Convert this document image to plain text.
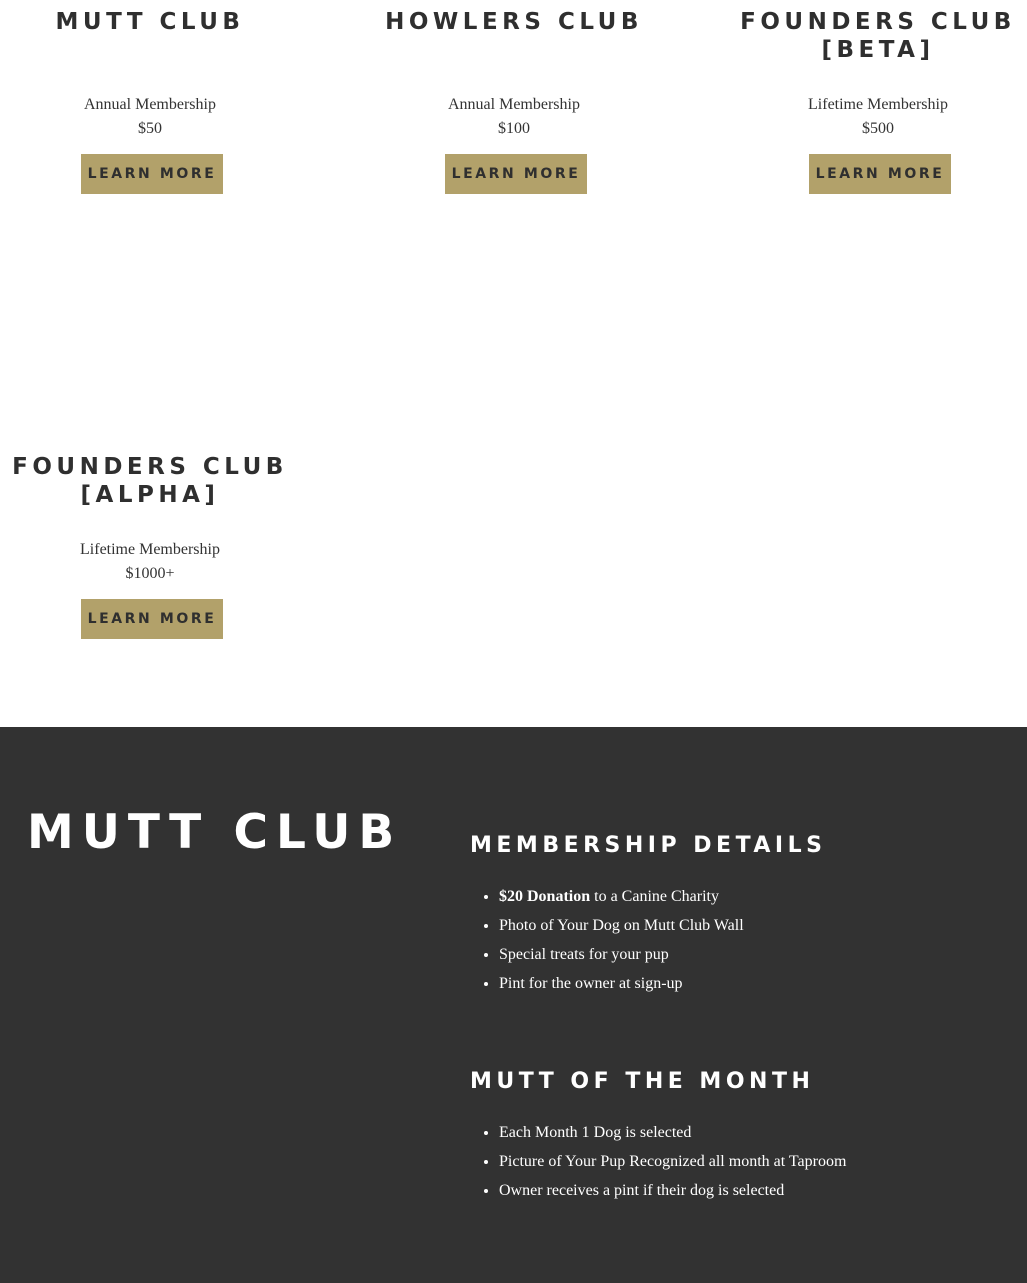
MUTT CLUB
Annual Membership
$50
LEARN MORE
HOWLERS CLUB
Annual Membership
$100
LEARN MORE
FOUNDERS CLUB
[BETA]
Lifetime Membership
$500
LEARN MORE
FOUNDERS CLUB
[ALPHA]
Lifetime Membership
$1000+
LEARN MORE
MUTT CLUB	MEMBERSHIP DETAILS
• $20 Donation to a Canine Charity
• Photo of Your Dog on Mutt Club Wall
• Special treats for your pup
• Pint for the owner at sign-up
MUTT OF THE MONTH
• Each Month 1 Dog is selected
• Picture of Your Pup Recognized all month at Taproom
• Owner receives a pint if their dog is selected
